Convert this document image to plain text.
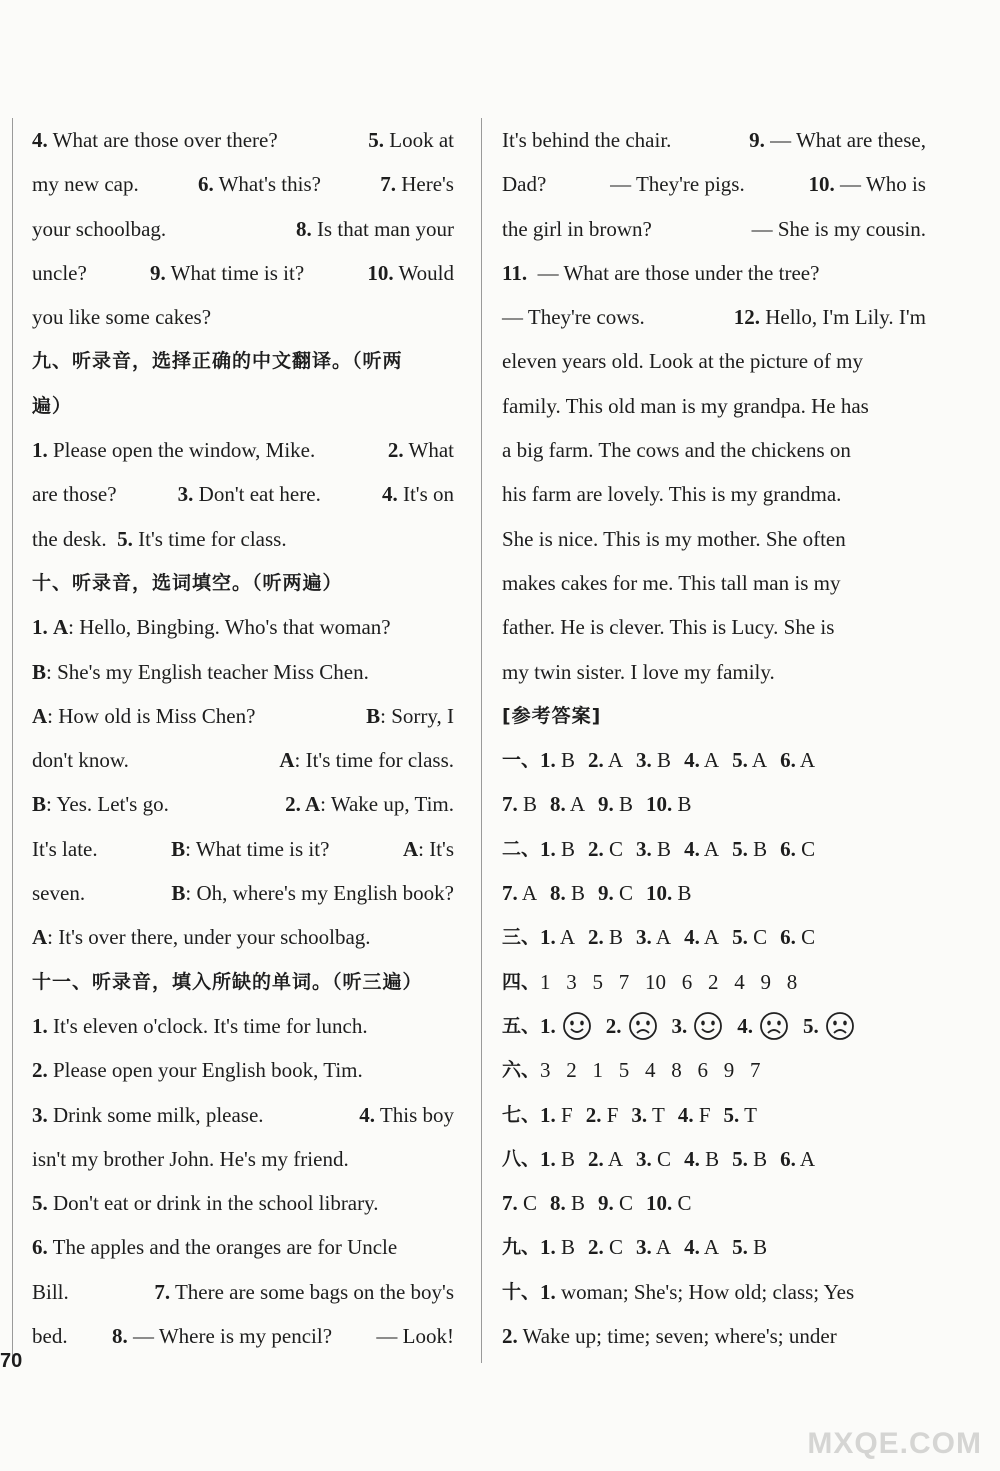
4. What are those over there?	5. Look at
my new cap.	6. What's this?	7. Here's
your schoolbag.	8. Is that man your
uncle?	9. What time is it?	10. Would
you like some cakes?
九、听录音，选择正确的中文翻译。（听两
遍）
1. Please open the window, Mike.	2. What
are those?	3. Don't eat here.	4. It's on
the desk. 5. It's time for class.
十、听录音，选词填空。（听两遍）
1.
A : Hello, Bingbing. Who's that woman?
B : She's my English teacher Miss Chen.
A: How old is Miss Chen?	B: Sorry, I
don't know.	A: It's time for class.
B: Yes. Let's go.	2. A: Wake up, Tim.
It's late.	B: What time is it?	A: It's
seven.	B: Oh, where's my English book?
A : It's over there, under your schoolbag.
十一、听录音，填入所缺的单词。（听三遍）
1. It's eleven o'clock. It's time for lunch.
2. Please open your English book, Tim.
3. Drink some milk, please.	4. This boy
isn't my brother John. He's my friend.
5. Don't eat or drink in the school library.
6. The apples and the oranges are for Uncle
Bill.	7. There are some bags on the boy's
bed. 8. — Where is my pencil? — Look!
It's behind the chair.	9. — What are these,
Dad?	— They're pigs.	10. — Who is
the girl in brown?	— She is my cousin.
11. — What are those under the tree?
— They're cows.	12. Hello, I'm Lily. I'm
eleven years old. Look at the picture of my
family. This old man is my grandpa. He has
a big farm. The cows and the chickens on
his farm are lovely. This is my grandma.
She is nice. This is my mother. She often
makes cakes for me. This tall man is my
father. He is clever. This is Lucy. She is
my twin sister. I love my family.
[参考答案]
一、 1. B 2. A 3. B 4. A 5. A 6. A
7. B 8. A 9. B 10. B
二、 1. B 2. C 3. B 4. A 5. B 6. C
7. A 8. B 9. C 10. B
三、 1. A 2. B 3. A 4. A 5. C 6. C
四、 1   3   5   7   10   6   2   4   9   8
五、 1. 2. 3. 4. 5.
六、 3   2   1   5   4   8   6   9   7
七、 1. F 2. F 3. T 4. F 5. T
八、 1. B 2. A 3. C 4. B 5. B 6. A
7. C 8. B 9. C 10. C
九、 1. B 2. C 3. A 4. A 5. B
十、 1. woman; She's; How old; class; Yes
2. Wake up; time; seven; where's; under
70
MXQE.COM
